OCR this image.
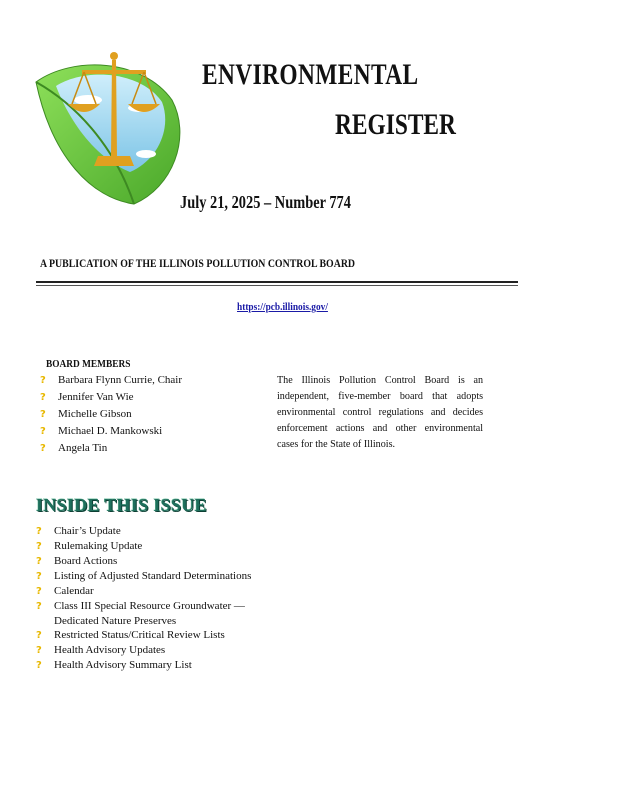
ENVIRONMENTAL
REGISTER
July 21, 2025 – Number 774
A PUBLICATION OF THE ILLINOIS POLLUTION CONTROL BOARD
https://pcb.illinois.gov/
BOARD MEMBERS
? Barbara Flynn Currie, Chair
? Jennifer Van Wie
? Michelle Gibson
? Michael D. Mankowski
? Angela Tin
The Illinois Pollution Control Board is an independent, five-member board that adopts environmental control regulations and decides enforcement actions and other environmental cases for the State of Illinois.
INSIDE THIS ISSUE
? Chair’s Update
? Rulemaking Update
? Board Actions
? Listing of Adjusted Standard Determinations
? Calendar
? Class III Special Resource Groundwater —
Dedicated Nature Preserves
? Restricted Status/Critical Review Lists
? Health Advisory Updates
? Health Advisory Summary List
